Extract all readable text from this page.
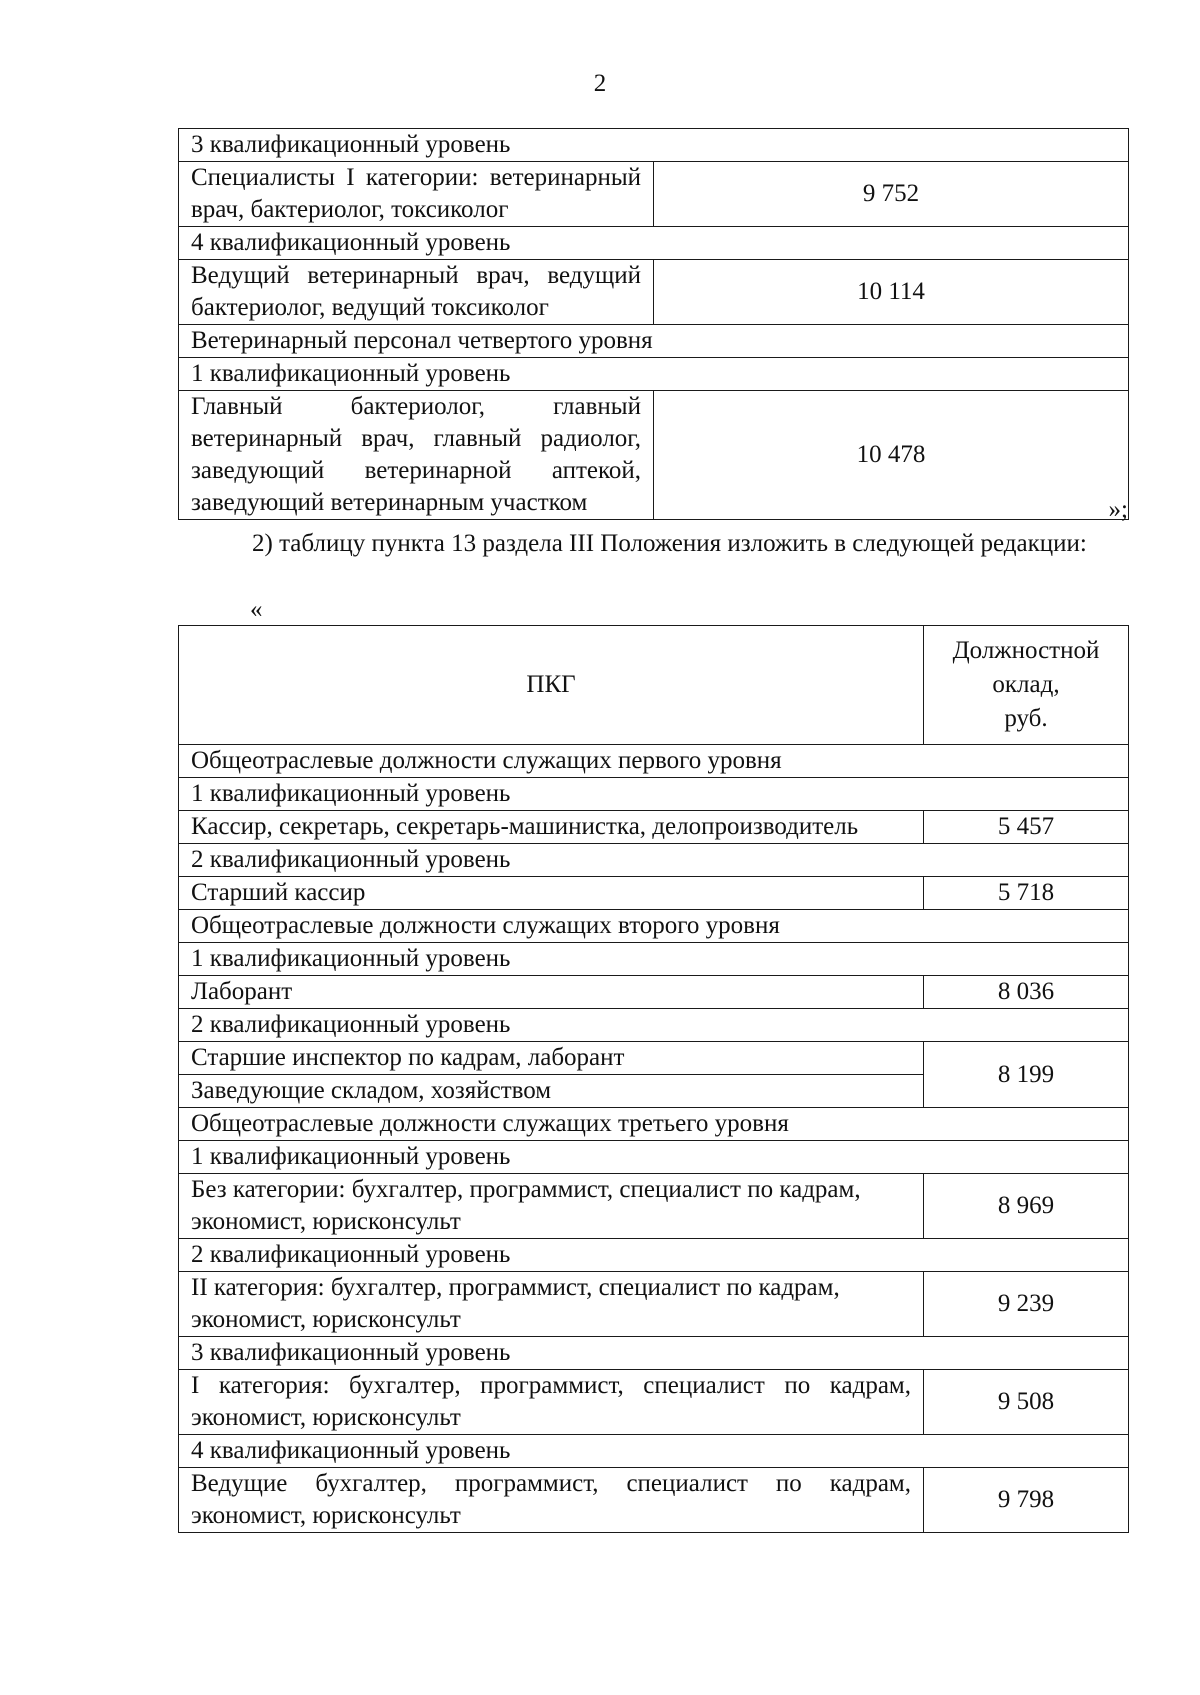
2
3 квалификационный уровень	
Специалисты I категории: ветеринарный врач, бактериолог, токсиколог	9 752
4 квалификационный уровень	
Ведущий ветеринарный врач, ведущий бактериолог, ведущий токсиколог	10 114
Ветеринарный персонал четвертого уровня	
1 квалификационный уровень	
Главный бактериолог, главный ветеринарный врач, главный радиолог, заведующий ветеринарной аптекой, заведующий ветеринарным участком	10 478
»;
2) таблицу пункта 13 раздела III Положения изложить в следующей редакции:
«
ПКГ	Должностной
оклад,
руб.

Общеотраслевые должности служащих первого уровня	
1 квалификационный уровень	
Кассир, секретарь, секретарь-машинистка, делопроизводитель	5 457
2 квалификационный уровень	
Старший кассир	5 718
Общеотраслевые должности служащих второго уровня	
1 квалификационный уровень	
Лаборант	8 036
2 квалификационный уровень	
Старшие инспектор по кадрам, лаборант	8 199
Заведующие складом, хозяйством	
Общеотраслевые должности служащих третьего уровня	
1 квалификационный уровень	
Без категории: бухгалтер, программист, специалист по кадрам, экономист, юрисконсульт	8 969
2 квалификационный уровень	
II категория: бухгалтер, программист, специалист по кадрам, экономист, юрисконсульт	9 239
3 квалификационный уровень	
I категория: бухгалтер, программист, специалист по кадрам, экономист, юрисконсульт	9 508
4 квалификационный уровень	
Ведущие бухгалтер, программист, специалист по кадрам, экономист, юрисконсульт	9 798
